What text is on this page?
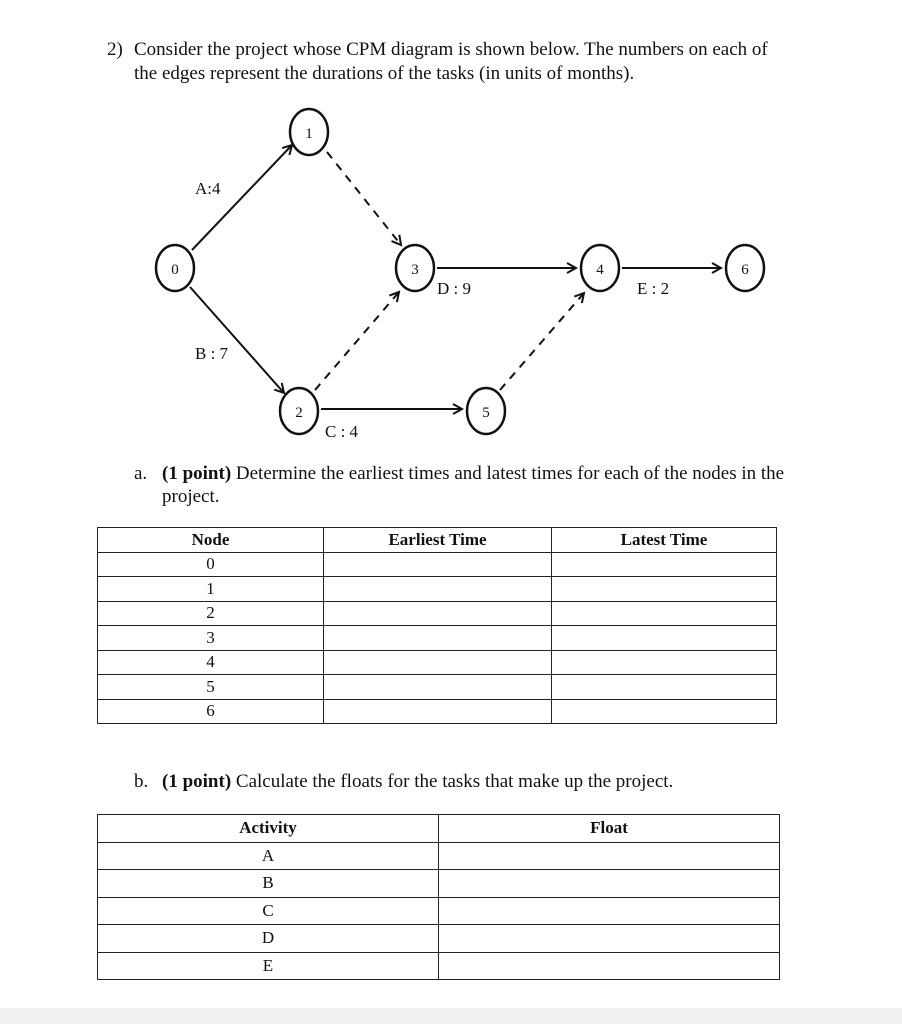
2) Consider the project whose CPM diagram is shown below. The numbers on each of
the edges represent the durations of the tasks (in units of months).
0
1
2
3	4
5
6
A:4
B : 7
C : 4
D : 9	E : 2
a. (1 point) Determine the earliest times and latest times for each of the nodes in the
project.
Node	Earliest Time	Latest Time
0		
1		
2		
3		
4		
5		
6		
b. (1 point) Calculate the floats for the tasks that make up the project.
Activity	Float
A	
B	
C	
D	
E	
